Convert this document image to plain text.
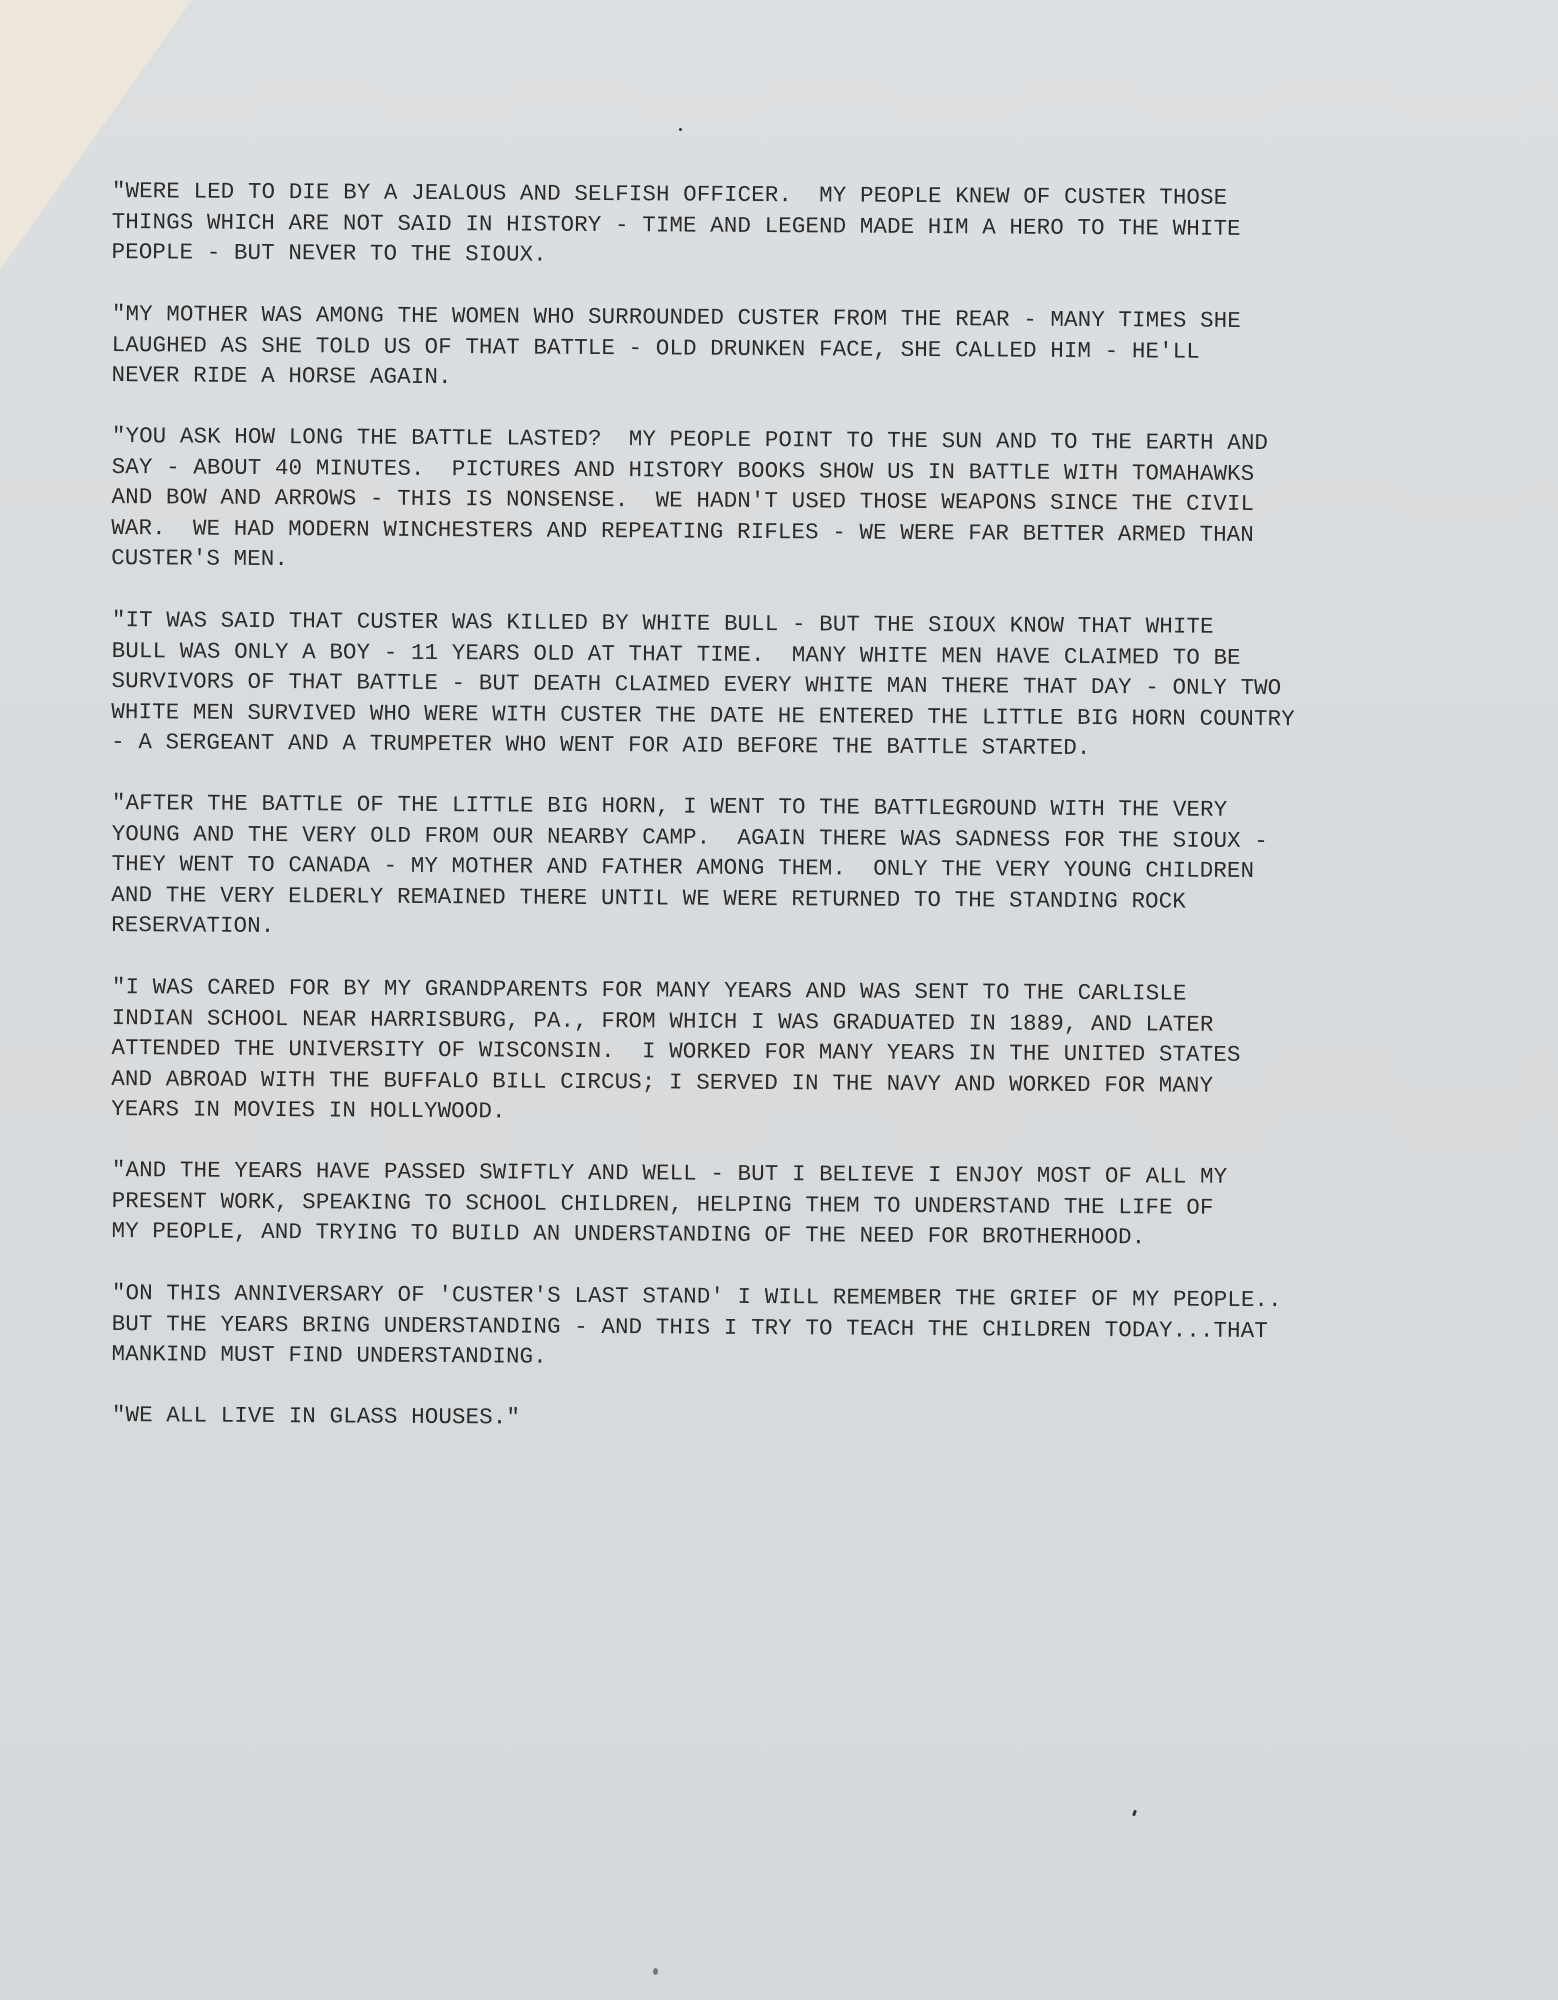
"WERE LED TO DIE BY A JEALOUS AND SELFISH OFFICER.  MY PEOPLE KNEW OF CUSTER THOSE
THINGS WHICH ARE NOT SAID IN HISTORY - TIME AND LEGEND MADE HIM A HERO TO THE WHITE
PEOPLE - BUT NEVER TO THE SIOUX.

"MY MOTHER WAS AMONG THE WOMEN WHO SURROUNDED CUSTER FROM THE REAR - MANY TIMES SHE
LAUGHED AS SHE TOLD US OF THAT BATTLE - OLD DRUNKEN FACE, SHE CALLED HIM - HE'LL
NEVER RIDE A HORSE AGAIN.

"YOU ASK HOW LONG THE BATTLE LASTED?  MY PEOPLE POINT TO THE SUN AND TO THE EARTH AND
SAY - ABOUT 40 MINUTES.  PICTURES AND HISTORY BOOKS SHOW US IN BATTLE WITH TOMAHAWKS
AND BOW AND ARROWS - THIS IS NONSENSE.  WE HADN'T USED THOSE WEAPONS SINCE THE CIVIL
WAR.  WE HAD MODERN WINCHESTERS AND REPEATING RIFLES - WE WERE FAR BETTER ARMED THAN
CUSTER'S MEN.

"IT WAS SAID THAT CUSTER WAS KILLED BY WHITE BULL - BUT THE SIOUX KNOW THAT WHITE
BULL WAS ONLY A BOY - 11 YEARS OLD AT THAT TIME.  MANY WHITE MEN HAVE CLAIMED TO BE
SURVIVORS OF THAT BATTLE - BUT DEATH CLAIMED EVERY WHITE MAN THERE THAT DAY - ONLY TWO
WHITE MEN SURVIVED WHO WERE WITH CUSTER THE DATE HE ENTERED THE LITTLE BIG HORN COUNTRY
- A SERGEANT AND A TRUMPETER WHO WENT FOR AID BEFORE THE BATTLE STARTED.

"AFTER THE BATTLE OF THE LITTLE BIG HORN, I WENT TO THE BATTLEGROUND WITH THE VERY
YOUNG AND THE VERY OLD FROM OUR NEARBY CAMP.  AGAIN THERE WAS SADNESS FOR THE SIOUX -
THEY WENT TO CANADA - MY MOTHER AND FATHER AMONG THEM.  ONLY THE VERY YOUNG CHILDREN
AND THE VERY ELDERLY REMAINED THERE UNTIL WE WERE RETURNED TO THE STANDING ROCK
RESERVATION.

"I WAS CARED FOR BY MY GRANDPARENTS FOR MANY YEARS AND WAS SENT TO THE CARLISLE
INDIAN SCHOOL NEAR HARRISBURG, PA., FROM WHICH I WAS GRADUATED IN 1889, AND LATER
ATTENDED THE UNIVERSITY OF WISCONSIN.  I WORKED FOR MANY YEARS IN THE UNITED STATES
AND ABROAD WITH THE BUFFALO BILL CIRCUS; I SERVED IN THE NAVY AND WORKED FOR MANY
YEARS IN MOVIES IN HOLLYWOOD.

"AND THE YEARS HAVE PASSED SWIFTLY AND WELL - BUT I BELIEVE I ENJOY MOST OF ALL MY
PRESENT WORK, SPEAKING TO SCHOOL CHILDREN, HELPING THEM TO UNDERSTAND THE LIFE OF
MY PEOPLE, AND TRYING TO BUILD AN UNDERSTANDING OF THE NEED FOR BROTHERHOOD.

"ON THIS ANNIVERSARY OF 'CUSTER'S LAST STAND' I WILL REMEMBER THE GRIEF OF MY PEOPLE..
BUT THE YEARS BRING UNDERSTANDING - AND THIS I TRY TO TEACH THE CHILDREN TODAY...THAT
MANKIND MUST FIND UNDERSTANDING.

"WE ALL LIVE IN GLASS HOUSES."
